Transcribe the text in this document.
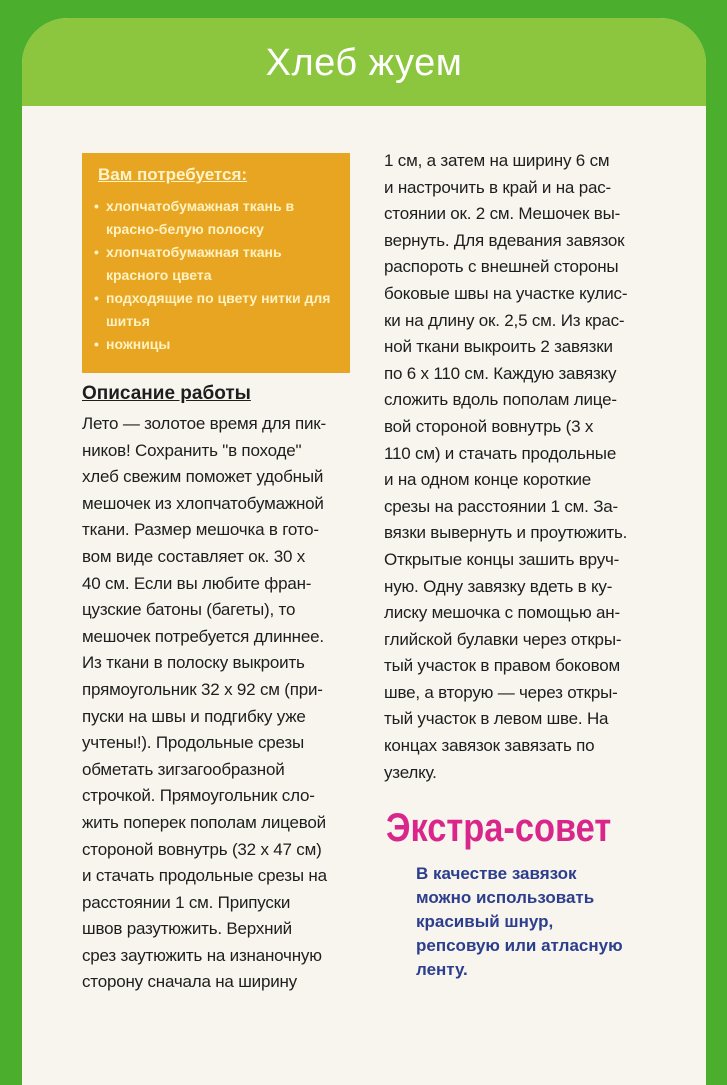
Хлеб жуем
Вам потребуется:
• хлопчатобумажная ткань в красно-белую полоску
• хлопчатобумажная ткань красного цвета
• подходящие по цвету нитки для шитья
• ножницы
Описание работы

Лето — золотое время для пик-
ников! Сохранить "в походе"
хлеб свежим поможет удобный
мешочек из хлопчатобумажной
ткани. Размер мешочка в гото-
вом виде составляет ок. 30 х
40 см. Если вы любите фран-
цузские батоны (багеты), то
мешочек потребуется длиннее.
Из ткани в полоску выкроить
прямоугольник 32 x 92 см (при-
пуски на швы и подгибку уже
учтены!). Продольные срезы
обметать зигзагообразной
строчкой. Прямоугольник сло-
жить поперек пополам лицевой
стороной вовнутрь (32 х 47 см)
и стачать продольные срезы на
расстоянии 1 см. Припуски
швов разутюжить. Верхний
срез заутюжить на изнаночную
сторону сначала на ширину

1 см, а затем на ширину 6 см
и настрочить в край и на рас-
стоянии ок. 2 см. Мешочек вы-
вернуть. Для вдевания завязок
распороть с внешней стороны
боковые швы на участке кулис-
ки на длину ок. 2,5 см. Из крас-
ной ткани выкроить 2 завязки
по 6 х 110 см. Каждую завязку
сложить вдоль пополам лице-
вой стороной вовнутрь (3 х
110 см) и стачать продольные
и на одном конце короткие
срезы на расстоянии 1 см. За-
вязки вывернуть и проутюжить.
Открытые концы зашить вруч-
ную. Одну завязку вдеть в ку-
лиску мешочка с помощью ан-
глийской булавки через откры-
тый участок в правом боковом
шве, а вторую — через откры-
тый участок в левом шве. На
концах завязок завязать по
узелку.

Экстра-совет

В качестве завязок
можно использовать
красивый шнур,
репсовую или атласную
ленту.
